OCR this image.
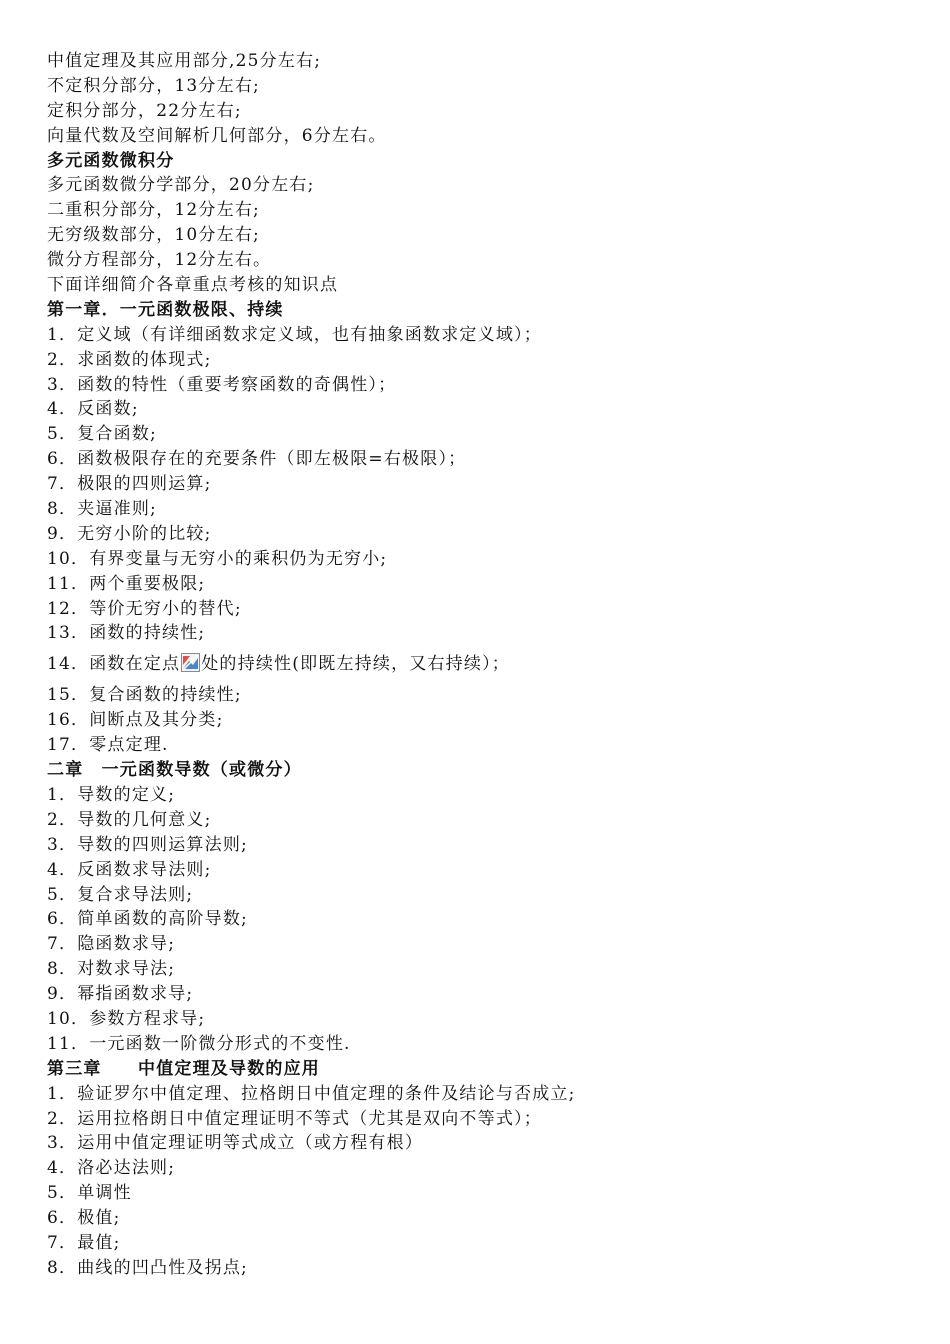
中值定理及其应用部分,25分左右;
不定积分部分，13分左右;
定积分部分，22分左右;
向量代数及空间解析几何部分，6分左右。
多元函数微积分
多元函数微分学部分，20分左右;
二重积分部分，12分左右;
无穷级数部分，10分左右;
微分方程部分，12分左右。
下面详细简介各章重点考核的知识点
第一章．一元函数极限、持续
1．定义域（有详细函数求定义域，也有抽象函数求定义域）；
2．求函数的体现式;
3．函数的特性（重要考察函数的奇偶性）；
4．反函数;
5．复合函数;
6．函数极限存在的充要条件（即左极限=右极限）；
7．极限的四则运算;
8．夹逼准则;
9．无穷小阶的比较;
10．有界变量与无穷小的乘积仍为无穷小;
11．两个重要极限;
12．等价无穷小的替代;
13．函数的持续性;
14．函数在定点 处的持续性(即既左持续，又右持续）；
15．复合函数的持续性;
16．间断点及其分类;
17．零点定理.
二章　一元函数导数（或微分）
1．导数的定义;
2．导数的几何意义;
3．导数的四则运算法则;
4．反函数求导法则;
5．复合求导法则;
6．简单函数的高阶导数;
7．隐函数求导;
8．对数求导法;
9．幂指函数求导;
10．参数方程求导;
11．一元函数一阶微分形式的不变性.
第三章　　中值定理及导数的应用
1．验证罗尔中值定理、拉格朗日中值定理的条件及结论与否成立;
2．运用拉格朗日中值定理证明不等式（尤其是双向不等式）；
3．运用中值定理证明等式成立（或方程有根）
4．洛必达法则;
5．单调性
6．极值;
7．最值;
8．曲线的凹凸性及拐点;
